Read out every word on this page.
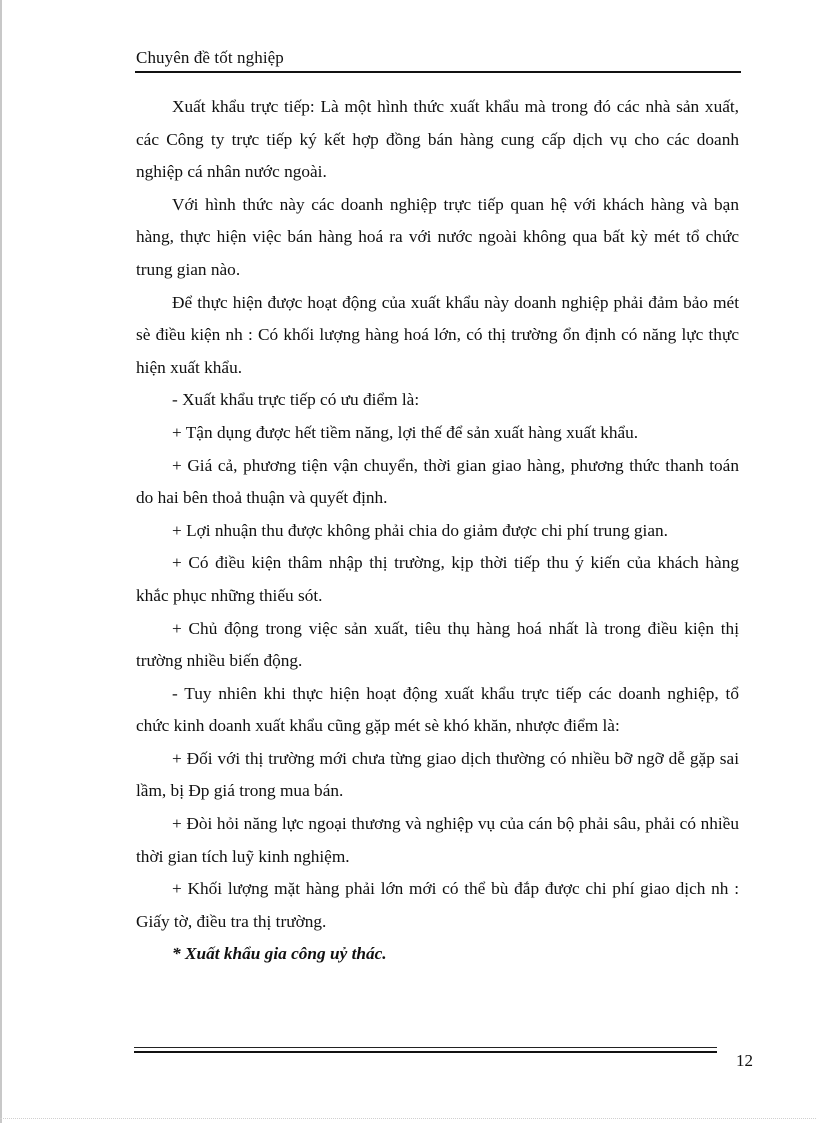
Chuyên đề tốt nghiệp

Xuất khẩu trực tiếp: Là một hình thức xuất khẩu mà trong đó các nhà sản xuất, các Công ty trực tiếp ký kết hợp đồng bán hàng cung cấp dịch vụ cho các doanh nghiệp cá nhân nước ngoài.

Với hình thức này các doanh nghiệp trực tiếp quan hệ với khách hàng và bạn hàng, thực hiện việc bán hàng hoá ra với nước ngoài không qua bất kỳ mét tổ chức trung gian nào.

Để thực hiện được hoạt động của xuất khẩu này doanh nghiệp phải đảm bảo mét sè điều kiện nh : Có khối lượng hàng hoá lớn, có thị trường ổn định có năng lực thực hiện xuất khẩu.

- Xuất khẩu trực tiếp có ưu điểm là:

+ Tận dụng được hết tiềm năng, lợi thế để sản xuất hàng xuất khẩu.

+ Giá cả, phương tiện vận chuyển, thời gian giao hàng, phương thức thanh toán do hai bên thoả thuận và quyết định.

+ Lợi nhuận thu được không phải chia do giảm được chi phí trung gian.

+ Có điều kiện thâm nhập thị trường, kịp thời tiếp thu ý kiến của khách hàng khắc phục những thiếu sót.

+ Chủ động trong việc sản xuất, tiêu thụ hàng hoá nhất là trong điều kiện thị trường nhiều biến động.

- Tuy nhiên khi thực hiện hoạt động xuất khẩu trực tiếp các doanh nghiệp, tổ chức kinh doanh xuất khẩu cũng gặp mét sè khó khăn, nhược điểm là:

+ Đối với thị trường mới chưa từng giao dịch thường có nhiều bỡ ngỡ dễ gặp sai lầm, bị Ðp giá trong mua bán.

+ Đòi hỏi năng lực ngoại thương và nghiệp vụ của cán bộ phải sâu, phải có nhiều thời gian tích luỹ kinh nghiệm.

+ Khối lượng mặt hàng phải lớn mới có thể bù đắp được chi phí giao dịch nh : Giấy tờ, điều tra thị trường.

* Xuất khẩu gia công uỷ thác.

12
